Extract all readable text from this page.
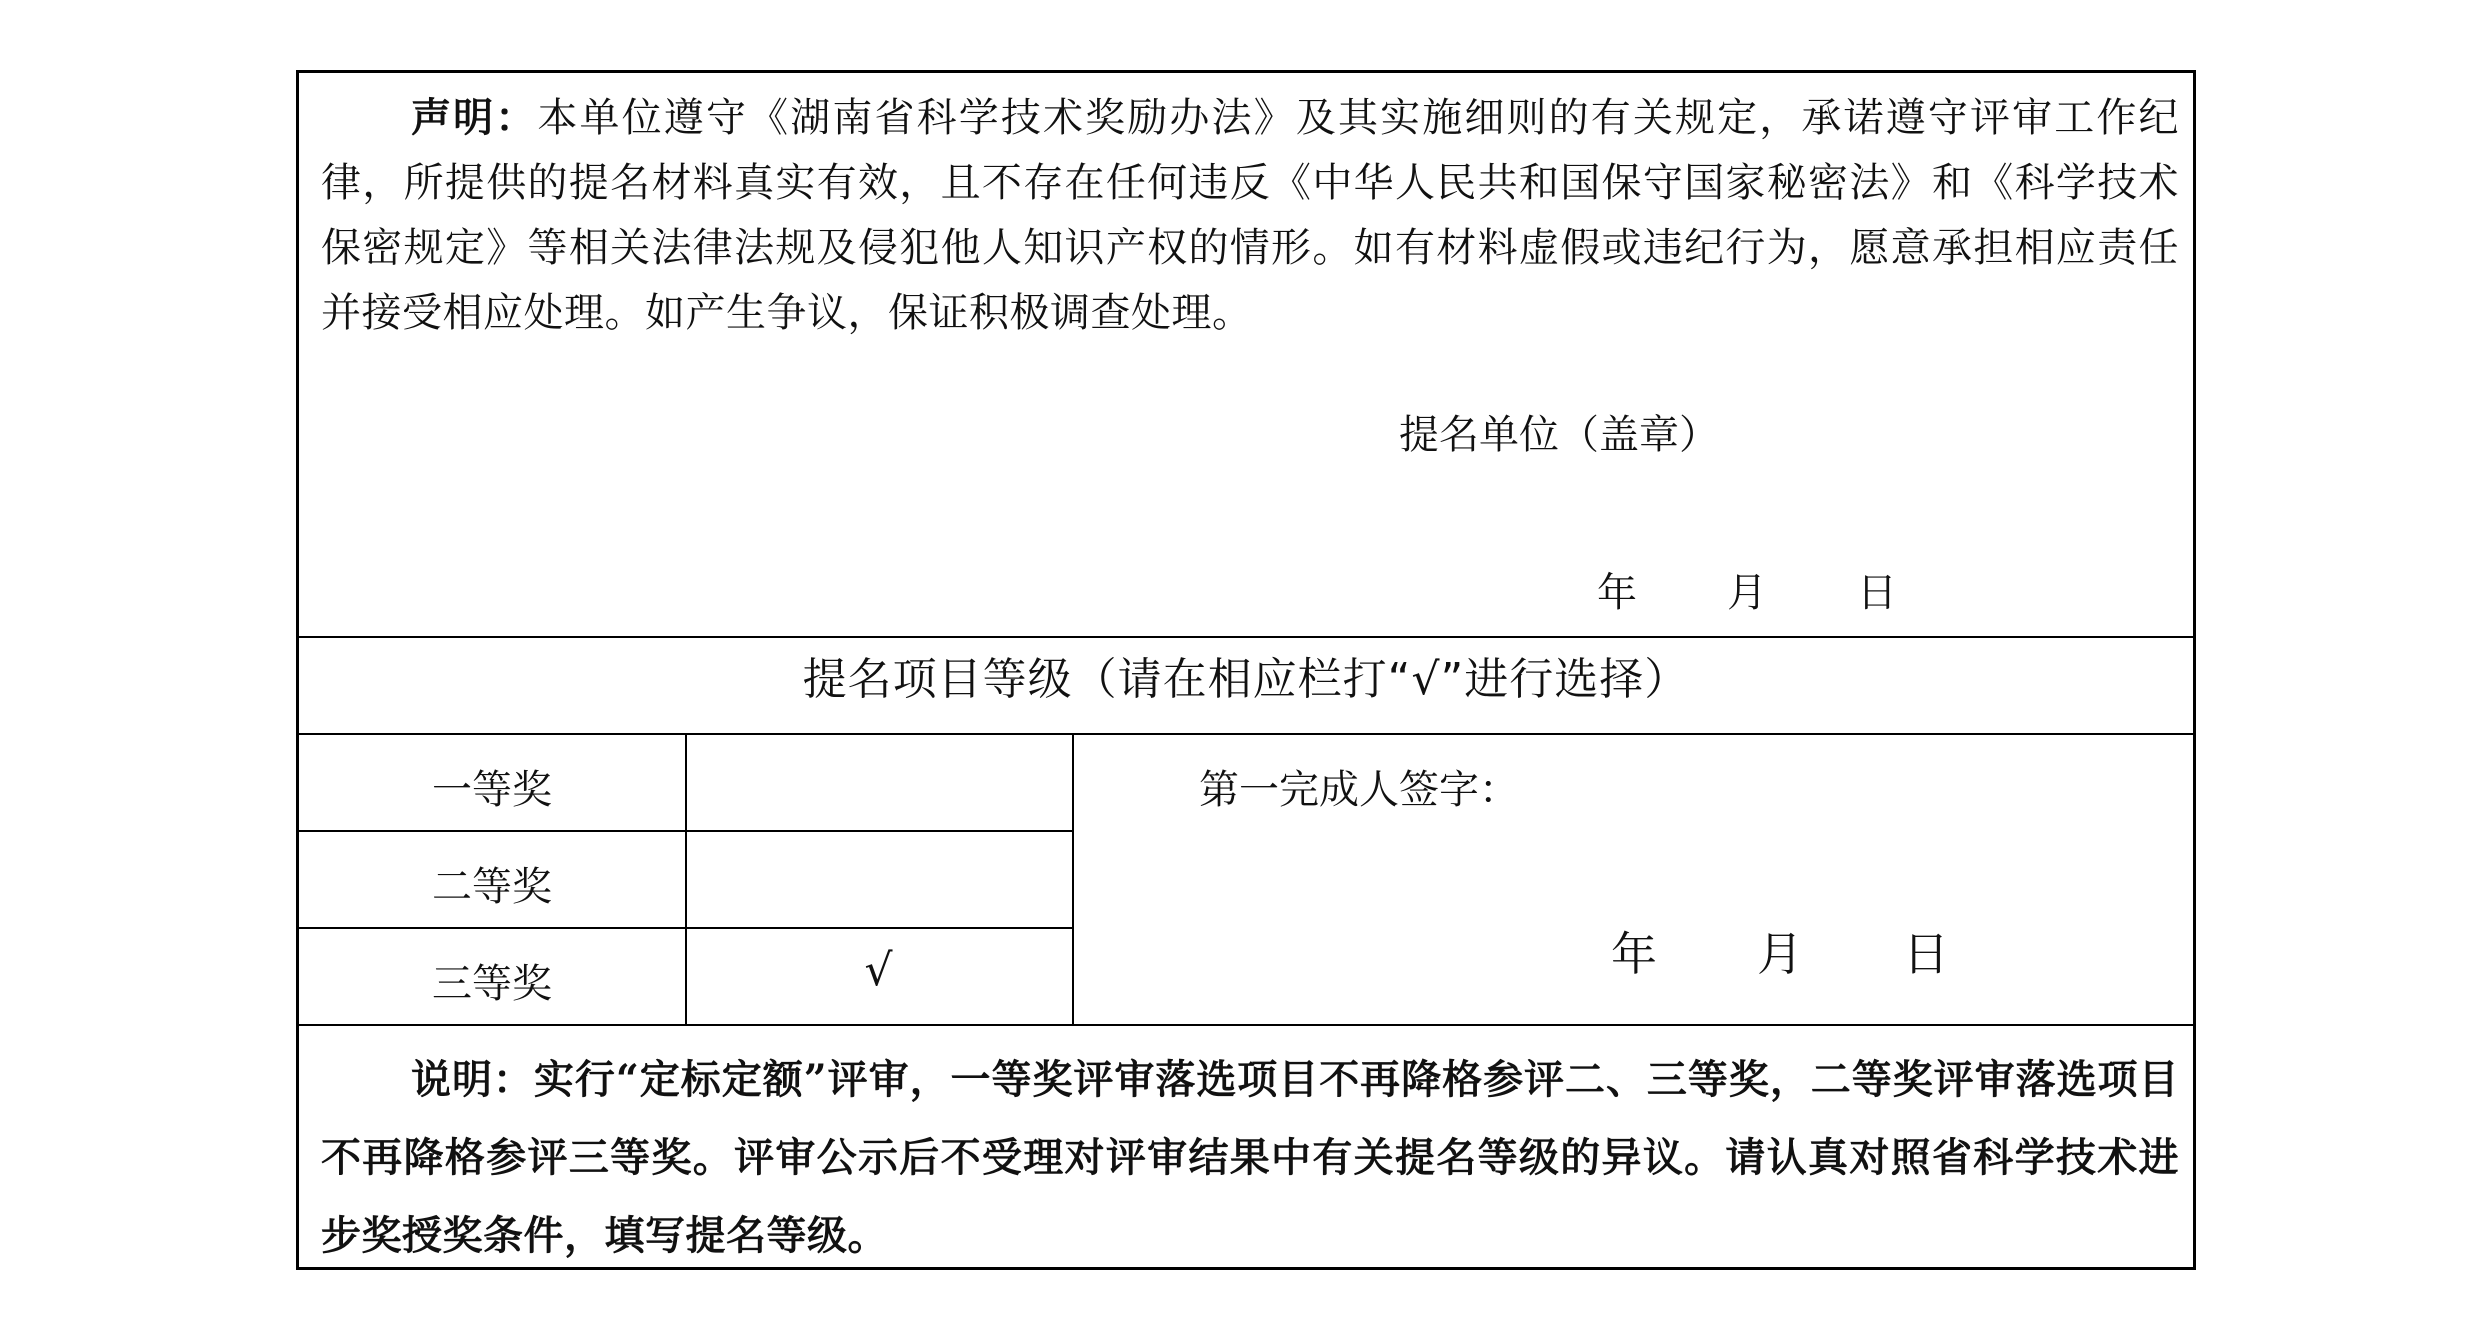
声明：本单位遵守《湖南省科学技术奖励办法》及其实施细则的有关规定，承诺遵守评审工作纪律，所提供的提名材料真实有效，且不存在任何违反《中华人民共和国保守国家秘密法》和《科学技术保密规定》等相关法律法规及侵犯他人知识产权的情形。如有材料虚假或违纪行为，愿意承担相应责任并接受相应处理。如产生争议，保证积极调查处理。
提名单位（盖章）
年 月 日
提名项目等级（请在相应栏打“√”进行选择）
一等奖
二等奖
三等奖	√
第一完成人签字：
年 月 日
说明：实行“定标定额”评审，一等奖评审落选项目不再降格参评二、三等奖，二等奖评审落选项目不再降格参评三等奖。评审公示后不受理对评审结果中有关提名等级的异议。请认真对照省科学技术进步奖授奖条件，填写提名等级。
